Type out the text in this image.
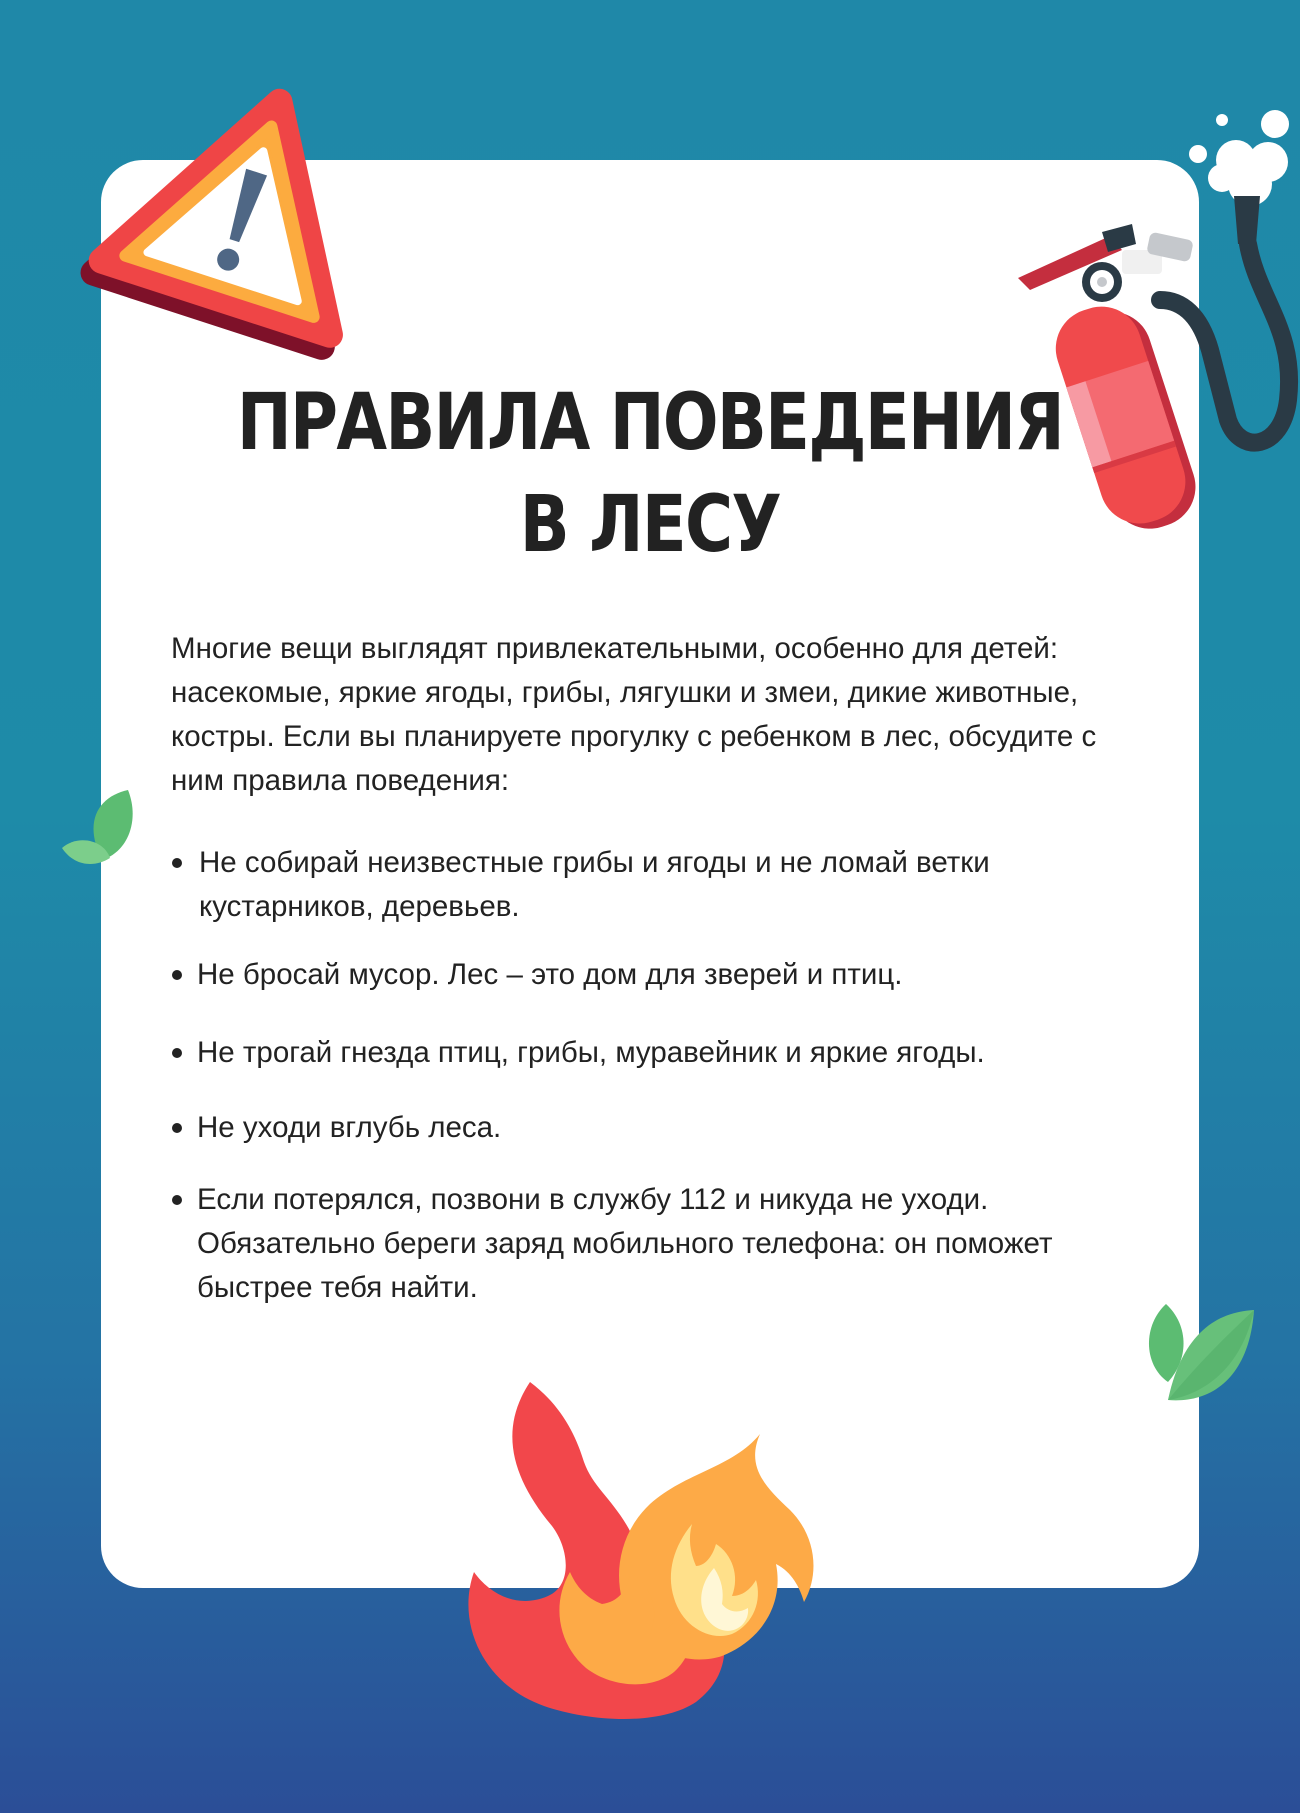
ПРАВИЛА ПОВЕДЕНИЯ
В ЛЕСУ

Многие вещи выглядят привлекательными, особенно для детей: насекомые, яркие ягоды, грибы, лягушки и змеи, дикие животные, костры. Если вы планируете прогулку с ребенком в лес, обсудите с ним правила поведения:

Не собирай неизвестные грибы и ягоды и не ломай ветки кустарников, деревьев.
Не бросай мусор. Лес – это дом для зверей и птиц.
Не трогай гнезда птиц, грибы, муравейник и яркие ягоды.
Не уходи вглубь леса.
Если потерялся, позвони в службу 112 и никуда не уходи. Обязательно береги заряд мобильного телефона: он поможет быстрее тебя найти.
